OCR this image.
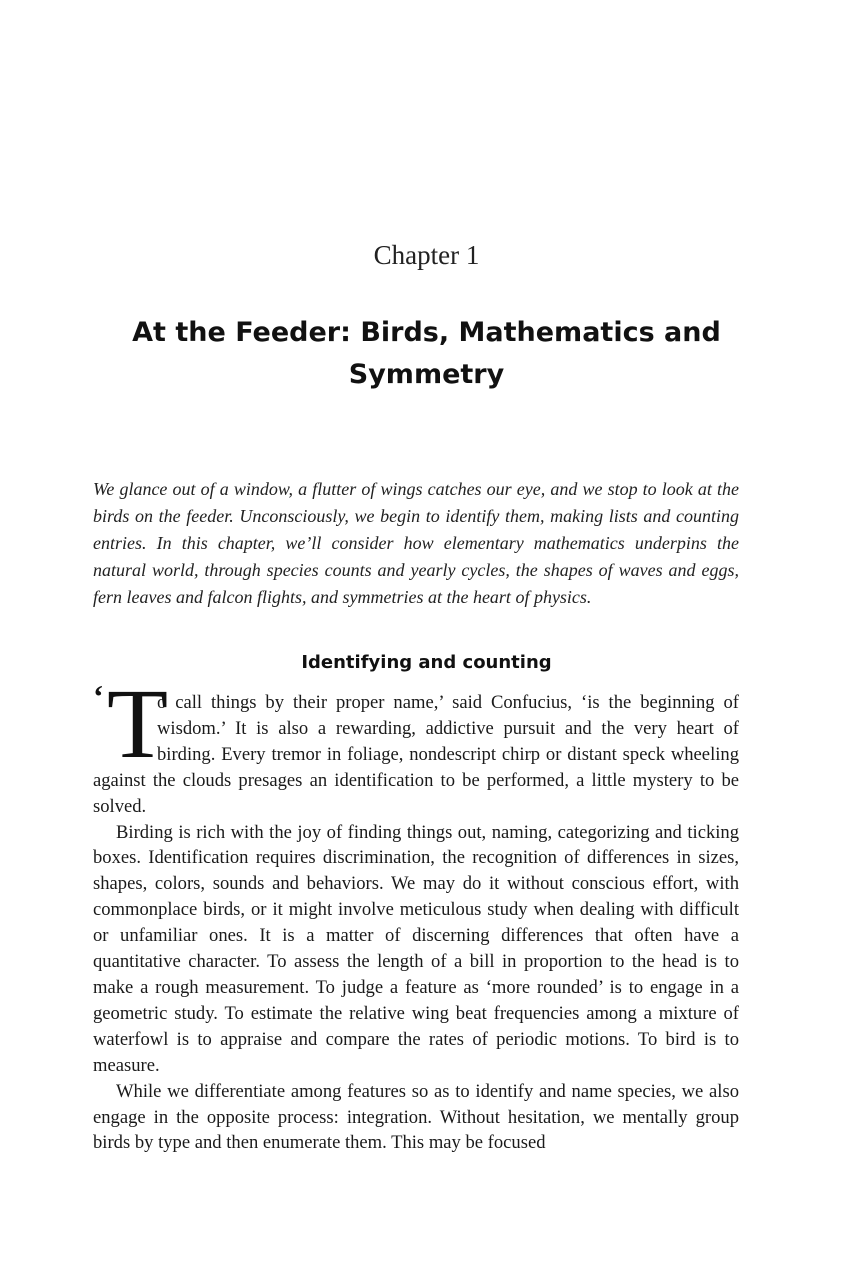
Chapter 1
At the Feeder: Birds, Mathematics and Symmetry

We glance out of a window, a flutter of wings catches our eye, and we stop to look at the birds on the feeder. Unconsciously, we begin to identify them, making lists and counting entries. In this chapter, we’ll consider how elementary mathematics underpins the natural world, through species counts and yearly cycles, the shapes of waves and eggs, fern leaves and falcon flights, and symmetries at the heart of physics.

Identifying and counting

‘ T
o call things by their proper name,’ said Confucius, ‘is the beginning of wisdom.’ It is also a rewarding, addictive pursuit and the very heart of birding. Every tremor in foliage, nondescript chirp or distant speck wheeling against the clouds presages an identification to be performed, a little mystery to be solved.

Birding is rich with the joy of finding things out, naming, categorizing and ticking boxes. Identification requires discrimination, the recognition of differences in sizes, shapes, colors, sounds and behaviors. We may do it without conscious effort, with commonplace birds, or it might involve meticulous study when dealing with difficult or unfamiliar ones. It is a matter of discerning differences that often have a quantitative character. To assess the length of a bill in proportion to the head is to make a rough measurement. To judge a feature as ‘more rounded’ is to engage in a geometric study. To estimate the relative wing beat frequencies among a mixture of waterfowl is to appraise and compare the rates of periodic motions. To bird is to measure.

While we differentiate among features so as to identify and name species, we also engage in the opposite process: integration. Without hesitation, we mentally group birds by type and then enumerate them. This may be focused
